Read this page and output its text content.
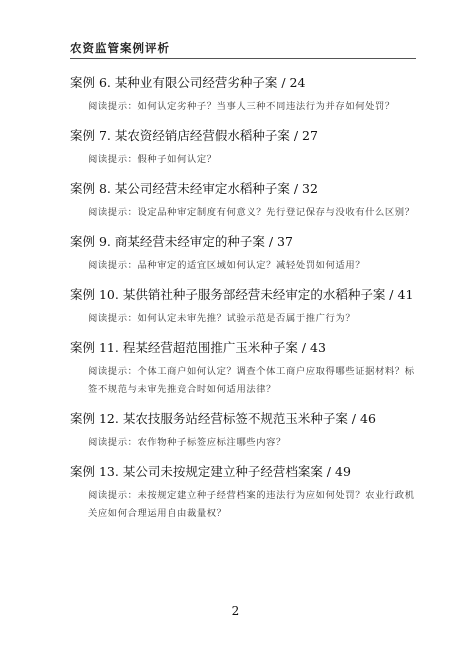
农资监管案例评析
案例 6. 某种业有限公司经营劣种子案 / 24
阅读提示：如何认定劣种子？当事人三种不同违法行为并存如何处罚？
案例 7. 某农资经销店经营假水稻种子案 / 27
阅读提示：假种子如何认定？
案例 8. 某公司经营未经审定水稻种子案 / 32
阅读提示：设定品种审定制度有何意义？先行登记保存与没收有什么区别？
案例 9. 商某经营未经审定的种子案 / 37
阅读提示：品种审定的适宜区域如何认定？减轻处罚如何适用？
案例 10. 某供销社种子服务部经营未经审定的水稻种子案 / 41
阅读提示：如何认定未审先推？试验示范是否属于推广行为？
案例 11. 程某经营超范围推广玉米种子案 / 43
阅读提示：个体工商户如何认定？调查个体工商户应取得哪些证据材料？标签不规范与未审先推竞合时如何适用法律？
案例 12. 某农技服务站经营标签不规范玉米种子案 / 46
阅读提示：农作物种子标签应标注哪些内容？
案例 13. 某公司未按规定建立种子经营档案案 / 49
阅读提示：未按规定建立种子经营档案的违法行为应如何处罚？农业行政机关应如何合理运用自由裁量权？
2
